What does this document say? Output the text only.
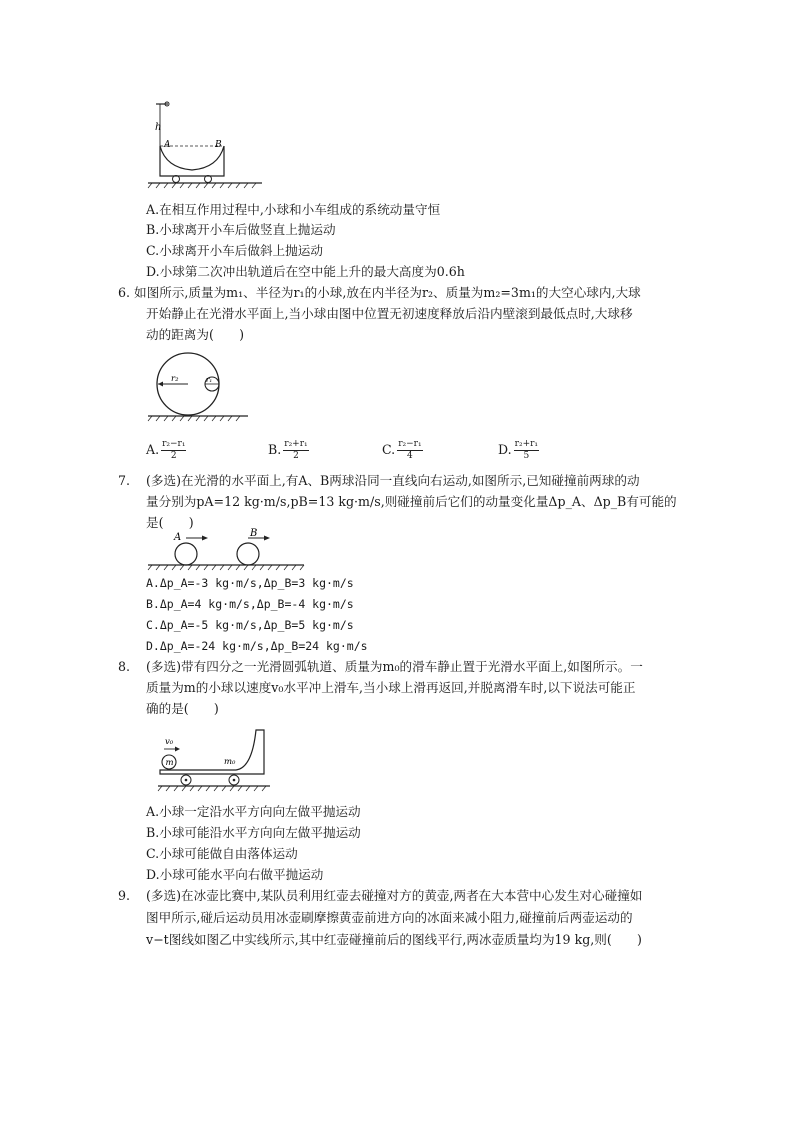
h
A	B
A.在相互作用过程中,小球和小车组成的系统动量守恒
B.小球离开小车后做竖直上抛运动
C.小球离开小车后做斜上抛运动
D.小球第二次冲出轨道后在空中能上升的最大高度为0.6h
6. 如图所示,质量为m₁、半径为r₁的小球,放在内半径为r₂、质量为m₂=3m₁的大空心球内,大球
开始静止在光滑水平面上,当小球由图中位置无初速度释放后沿内壁滚到最低点时,大球移
动的距离为(　　)
r₂	r₁
A. $\frac{\text{r₂−r₁}}{2}$	B. $\frac{\text{r₂+r₁}}{2}$	C. $\frac{\text{r₂−r₁}}{4}$	D. $\frac{\text{r₂+r₁}}{5}$
7. (多选)在光滑的水平面上,有A、B两球沿同一直线向右运动,如图所示,已知碰撞前两球的动
量分别为pA=12 kg·m/s,pB=13 kg·m/s,则碰撞前后它们的动量变化量Δp_A、Δp_B有可能的
是(　　)
A	B
A.Δp_A=-3 kg·m/s,Δp_B=3 kg·m/s
B.Δp_A=4 kg·m/s,Δp_B=-4 kg·m/s
C.Δp_A=-5 kg·m/s,Δp_B=5 kg·m/s
D.Δp_A=-24 kg·m/s,Δp_B=24 kg·m/s
8. (多选)带有四分之一光滑圆弧轨道、质量为m₀的滑车静止置于光滑水平面上,如图所示。一
质量为m的小球以速度v₀水平冲上滑车,当小球上滑再返回,并脱离滑车时,以下说法可能正
确的是(　　)
m
v₀
m₀
A.小球一定沿水平方向向左做平抛运动
B.小球可能沿水平方向向左做平抛运动
C.小球可能做自由落体运动
D.小球可能水平向右做平抛运动
9. (多选)在冰壶比赛中,某队员利用红壶去碰撞对方的黄壶,两者在大本营中心发生对心碰撞如
图甲所示,碰后运动员用冰壶刷摩擦黄壶前进方向的冰面来减小阻力,碰撞前后两壶运动的
v−t图线如图乙中实线所示,其中红壶碰撞前后的图线平行,两冰壶质量均为19 kg,则(　　)
